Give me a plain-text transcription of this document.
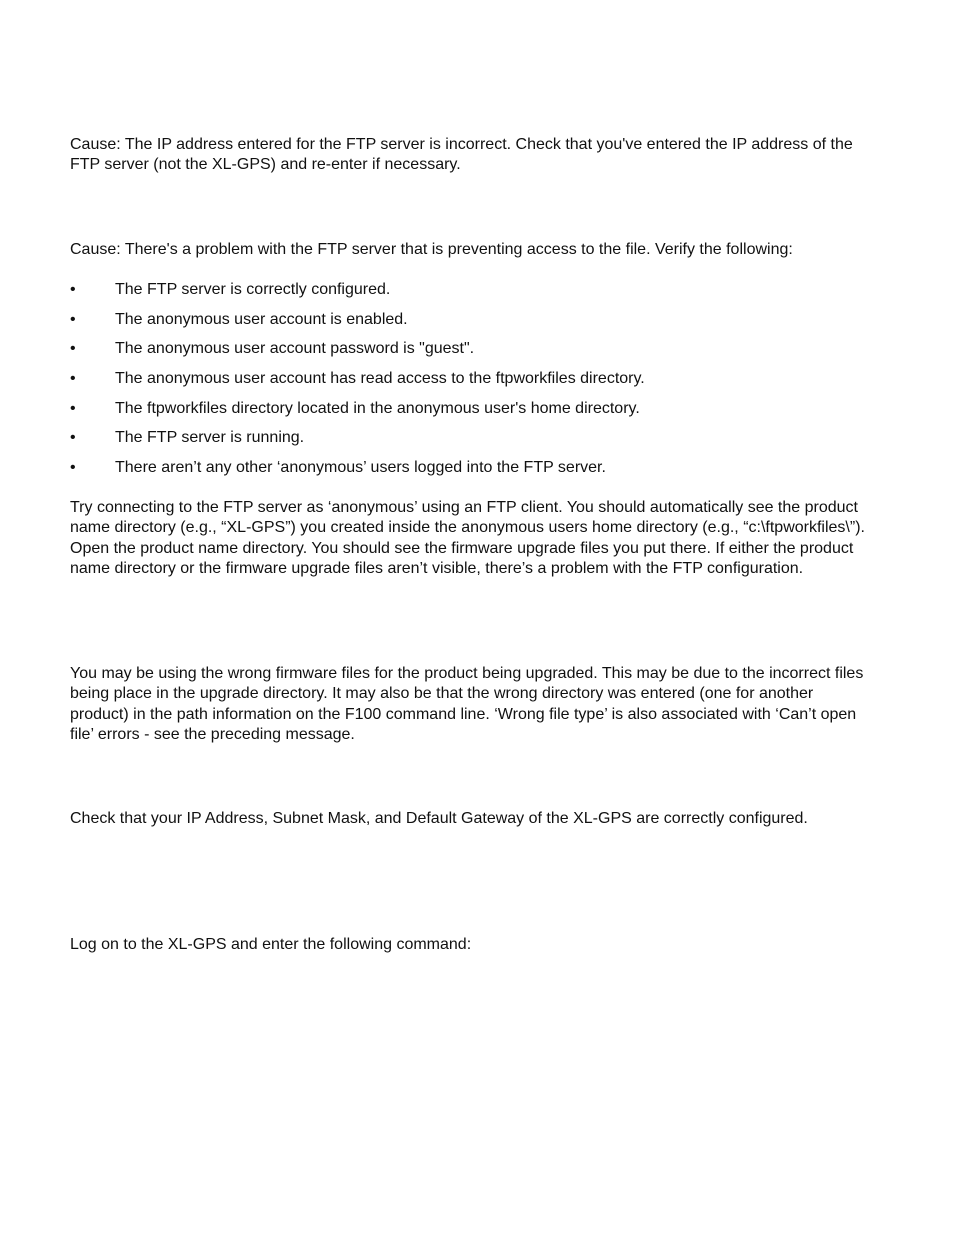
Cause: The IP address entered for the FTP server is incorrect. Check that you've entered the IP address of the FTP server (not the XL-GPS) and re-enter if necessary.

Cause: There's a problem with the FTP server that is preventing access to the file. Verify the following:

• The FTP server is correctly configured.
• The anonymous user account is enabled.
• The anonymous user account password is "guest".
• The anonymous user account has read access to the ftpworkfiles directory.
• The ftpworkfiles directory located in the anonymous user's home directory.
• The FTP server is running.
• There aren’t any other ‘anonymous’ users logged into the FTP server.

Try connecting to the FTP server as ‘anonymous’ using an FTP client. You should automatically see the product name directory (e.g., “XL-GPS”) you created inside the anonymous users home directory (e.g., “c:\ftpworkfiles\”). Open the product name directory. You should see the firmware upgrade files you put there. If either the product name directory or the firmware upgrade files aren’t visible, there’s a problem with the FTP configuration.

You may be using the wrong firmware files for the product being upgraded. This may be due to the incorrect files being place in the upgrade directory. It may also be that the wrong directory was entered (one for another product) in the path information on the F100 command line. ‘Wrong file type’ is also associated with ‘Can’t open file’ errors - see the preceding message.

Check that your IP Address, Subnet Mask, and Default Gateway of the XL-GPS are correctly configured.

Log on to the XL-GPS and enter the following command:
